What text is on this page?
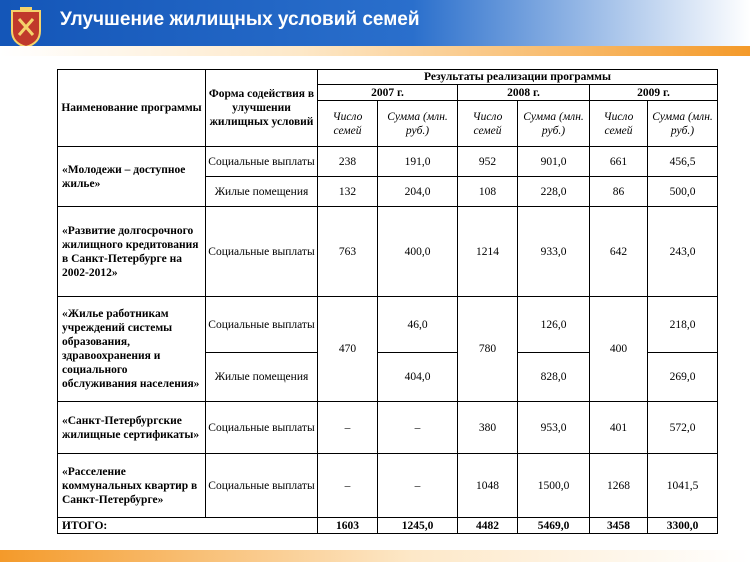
Улучшение жилищных условий семей
Наименование программы	Форма содействия в улучшении жилищных условий	Результаты реализации программы					
		2007 г.		2008 г.		2009 г.	
		Число семей	Сумма (млн. руб.)	Число семей	Сумма (млн. руб.)	Число семей	Сумма (млн. руб.)
«Молодежи – доступное жилье»	Социальные выплаты	238	191,0	952	901,0	661	456,5
	Жилые помещения	132	204,0	108	228,0	86	500,0
«Развитие долгосрочного жилищного кредитования в Санкт-Петербурге на 2002-2012»	Социальные выплаты	763	400,0	1214	933,0	642	243,0
«Жилье работникам учреждений системы образования, здравоохранения и социального обслуживания населения»	Социальные выплаты	470	46,0	780	126,0	400	218,0
	Жилые помещения		404,0		828,0		269,0
«Санкт-Петербургские жилищные сертификаты»	Социальные выплаты	–	–	380	953,0	401	572,0
«Расселение коммунальных квартир в Санкт-Петербурге»	Социальные выплаты	–	–	1048	1500,0	1268	1041,5
ИТОГО:		1603	1245,0	4482	5469,0	3458	3300,0
